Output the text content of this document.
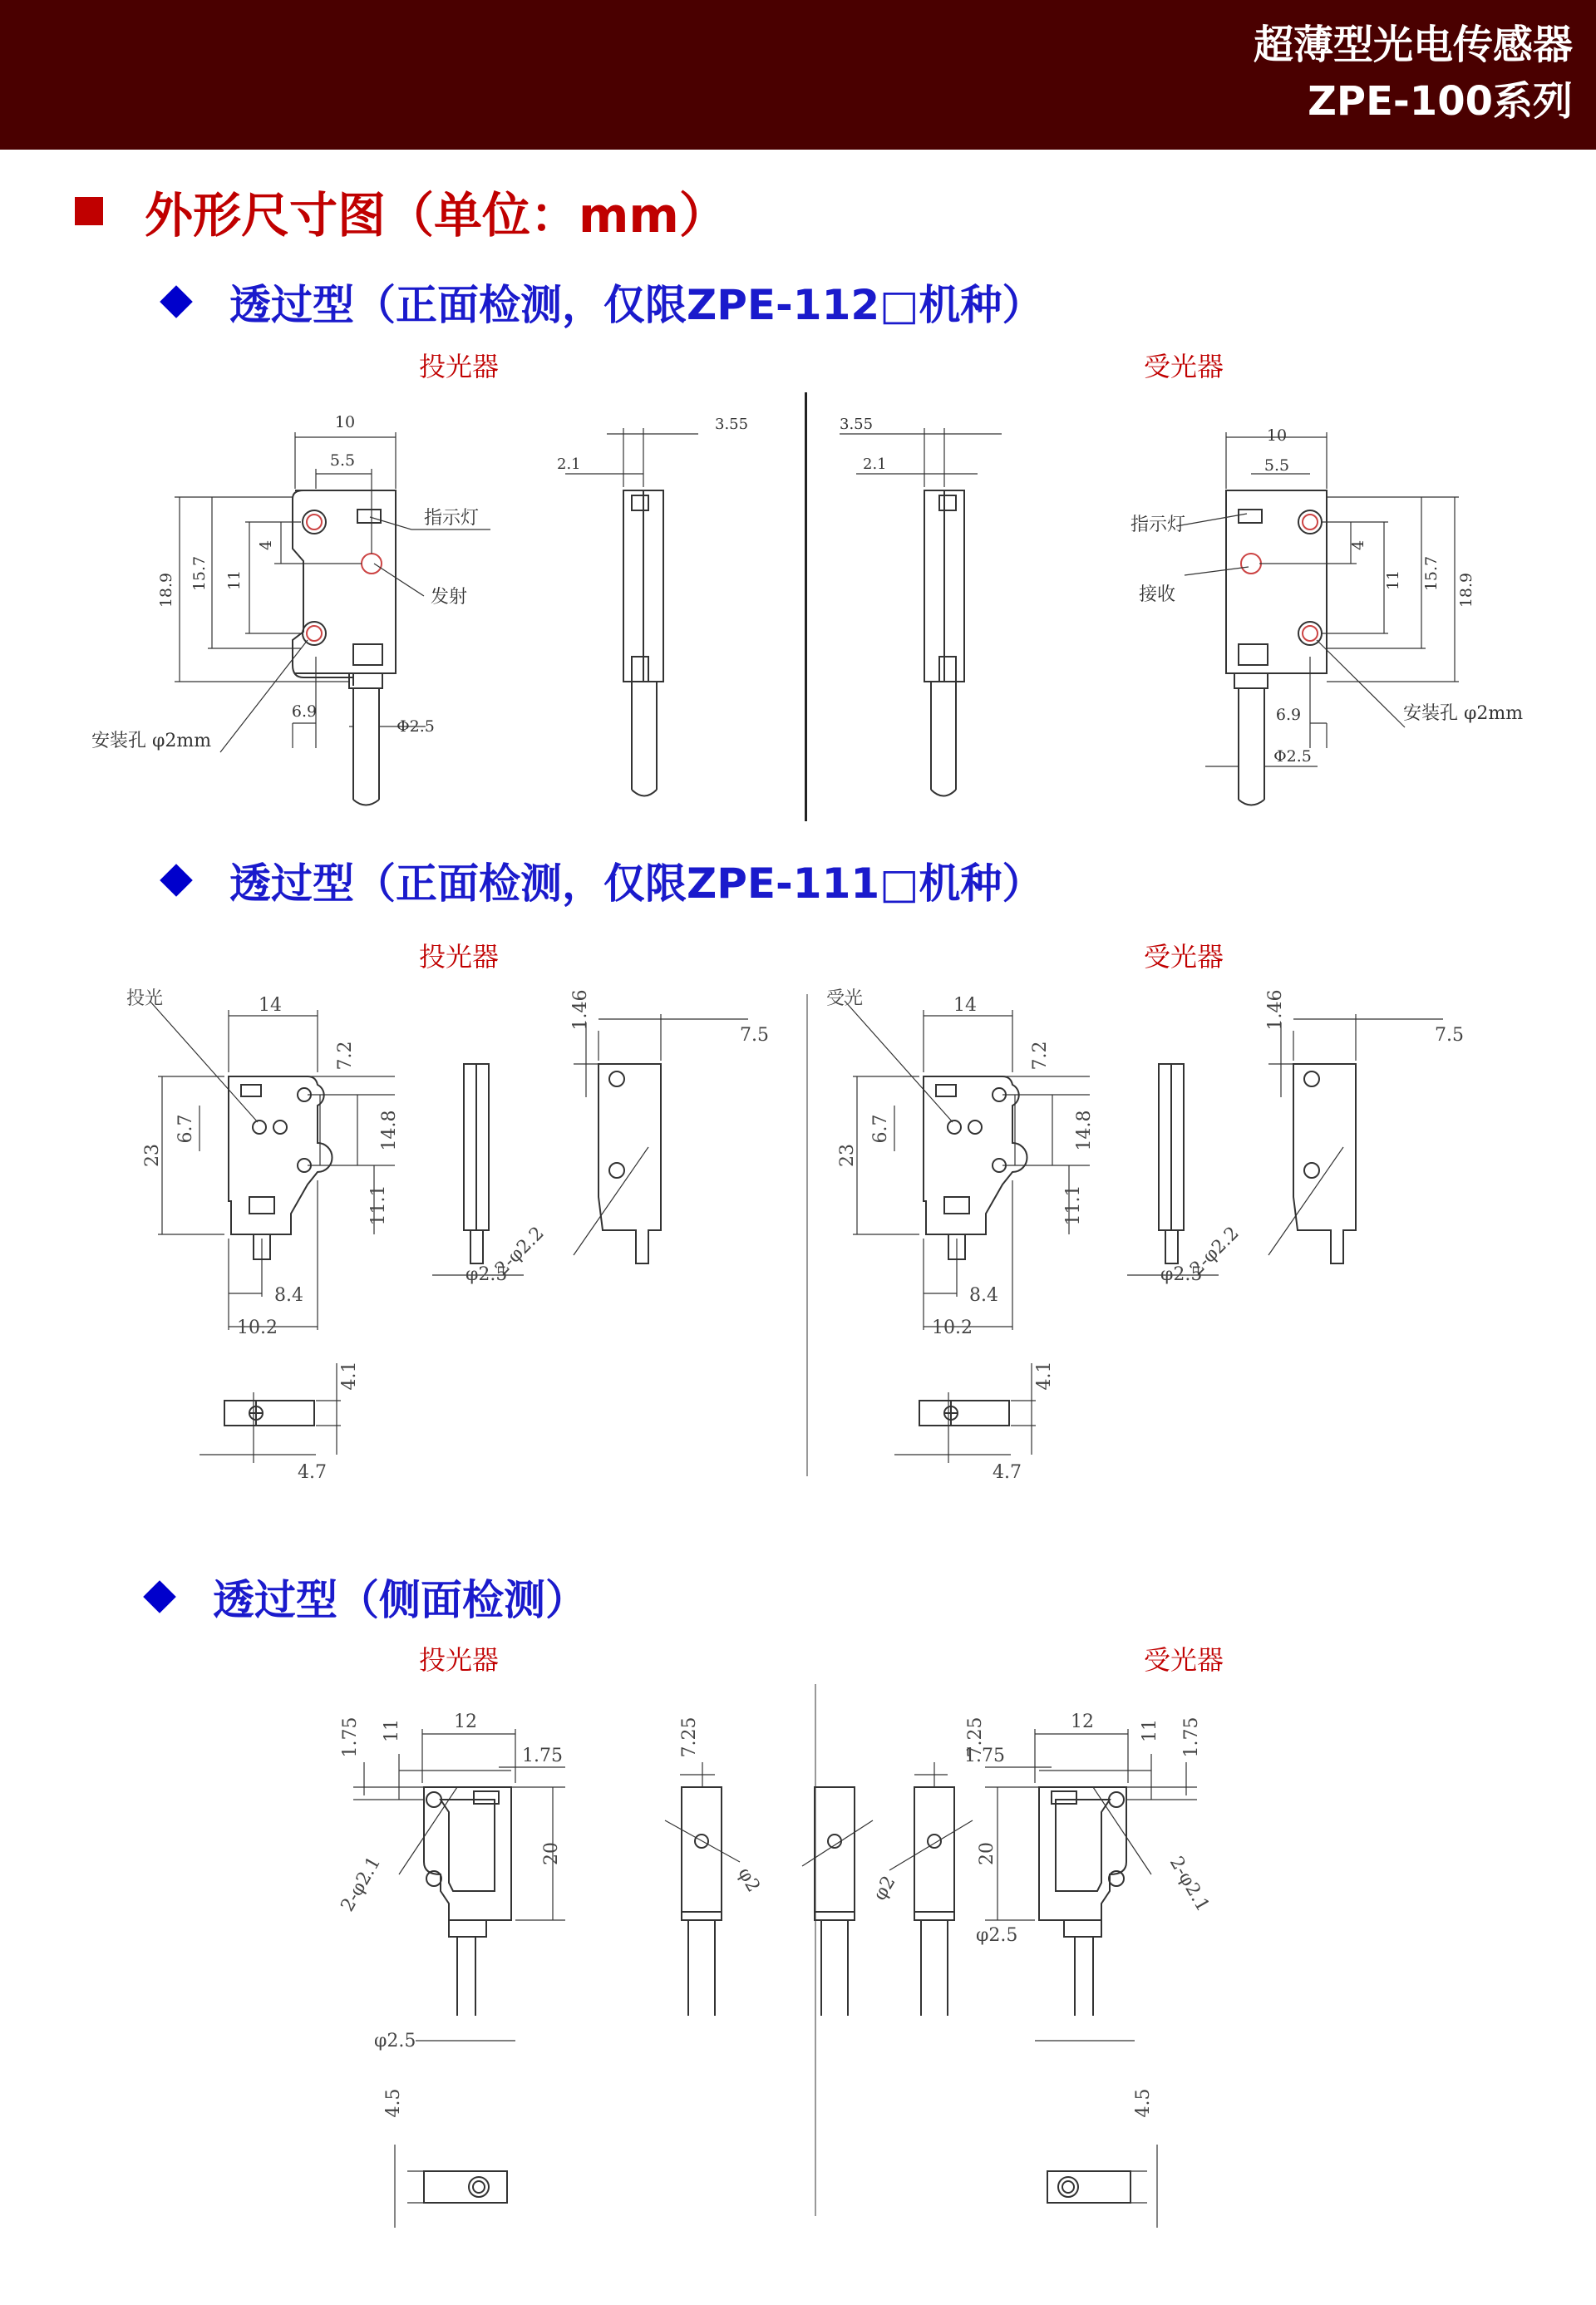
超薄型光电传感器
ZPE-100系列
外形尺寸图（单位：mm）
透过型（正面检测，仅限ZPE-112□机种）
投光器	受光器
10
5.5
4
11
15.7
18.9
6.9
Φ2.5
指示灯
发射
安装孔 φ2mm
3.55
2.1
3.55
2.1
10
5.5
4
11 15.7 18.9
6.9
Φ2.5
指示灯
接收
安装孔 φ2mm
透过型（正面检测，仅限ZPE-111□机种）
投光器	受光器
14
7.2
23
6.7	14.8
11.1
8.4
10.2
4.1
4.7
φ2.5
1.46
7.5
2-φ2.2
投光	14
7.2
23
6.7	14.8
11.1
8.4
10.2
4.1
4.7
φ2.5
1.46
7.5
2-φ2.2
受光
透过型（侧面检测）
投光器	受光器
1.75 11	12
1.75
20
2-φ2.1
7.25
φ2
φ2.5
4.5
1.75
11
12
1.75
20	2-φ2.1
φ2.5
4.5
7.25
φ2
